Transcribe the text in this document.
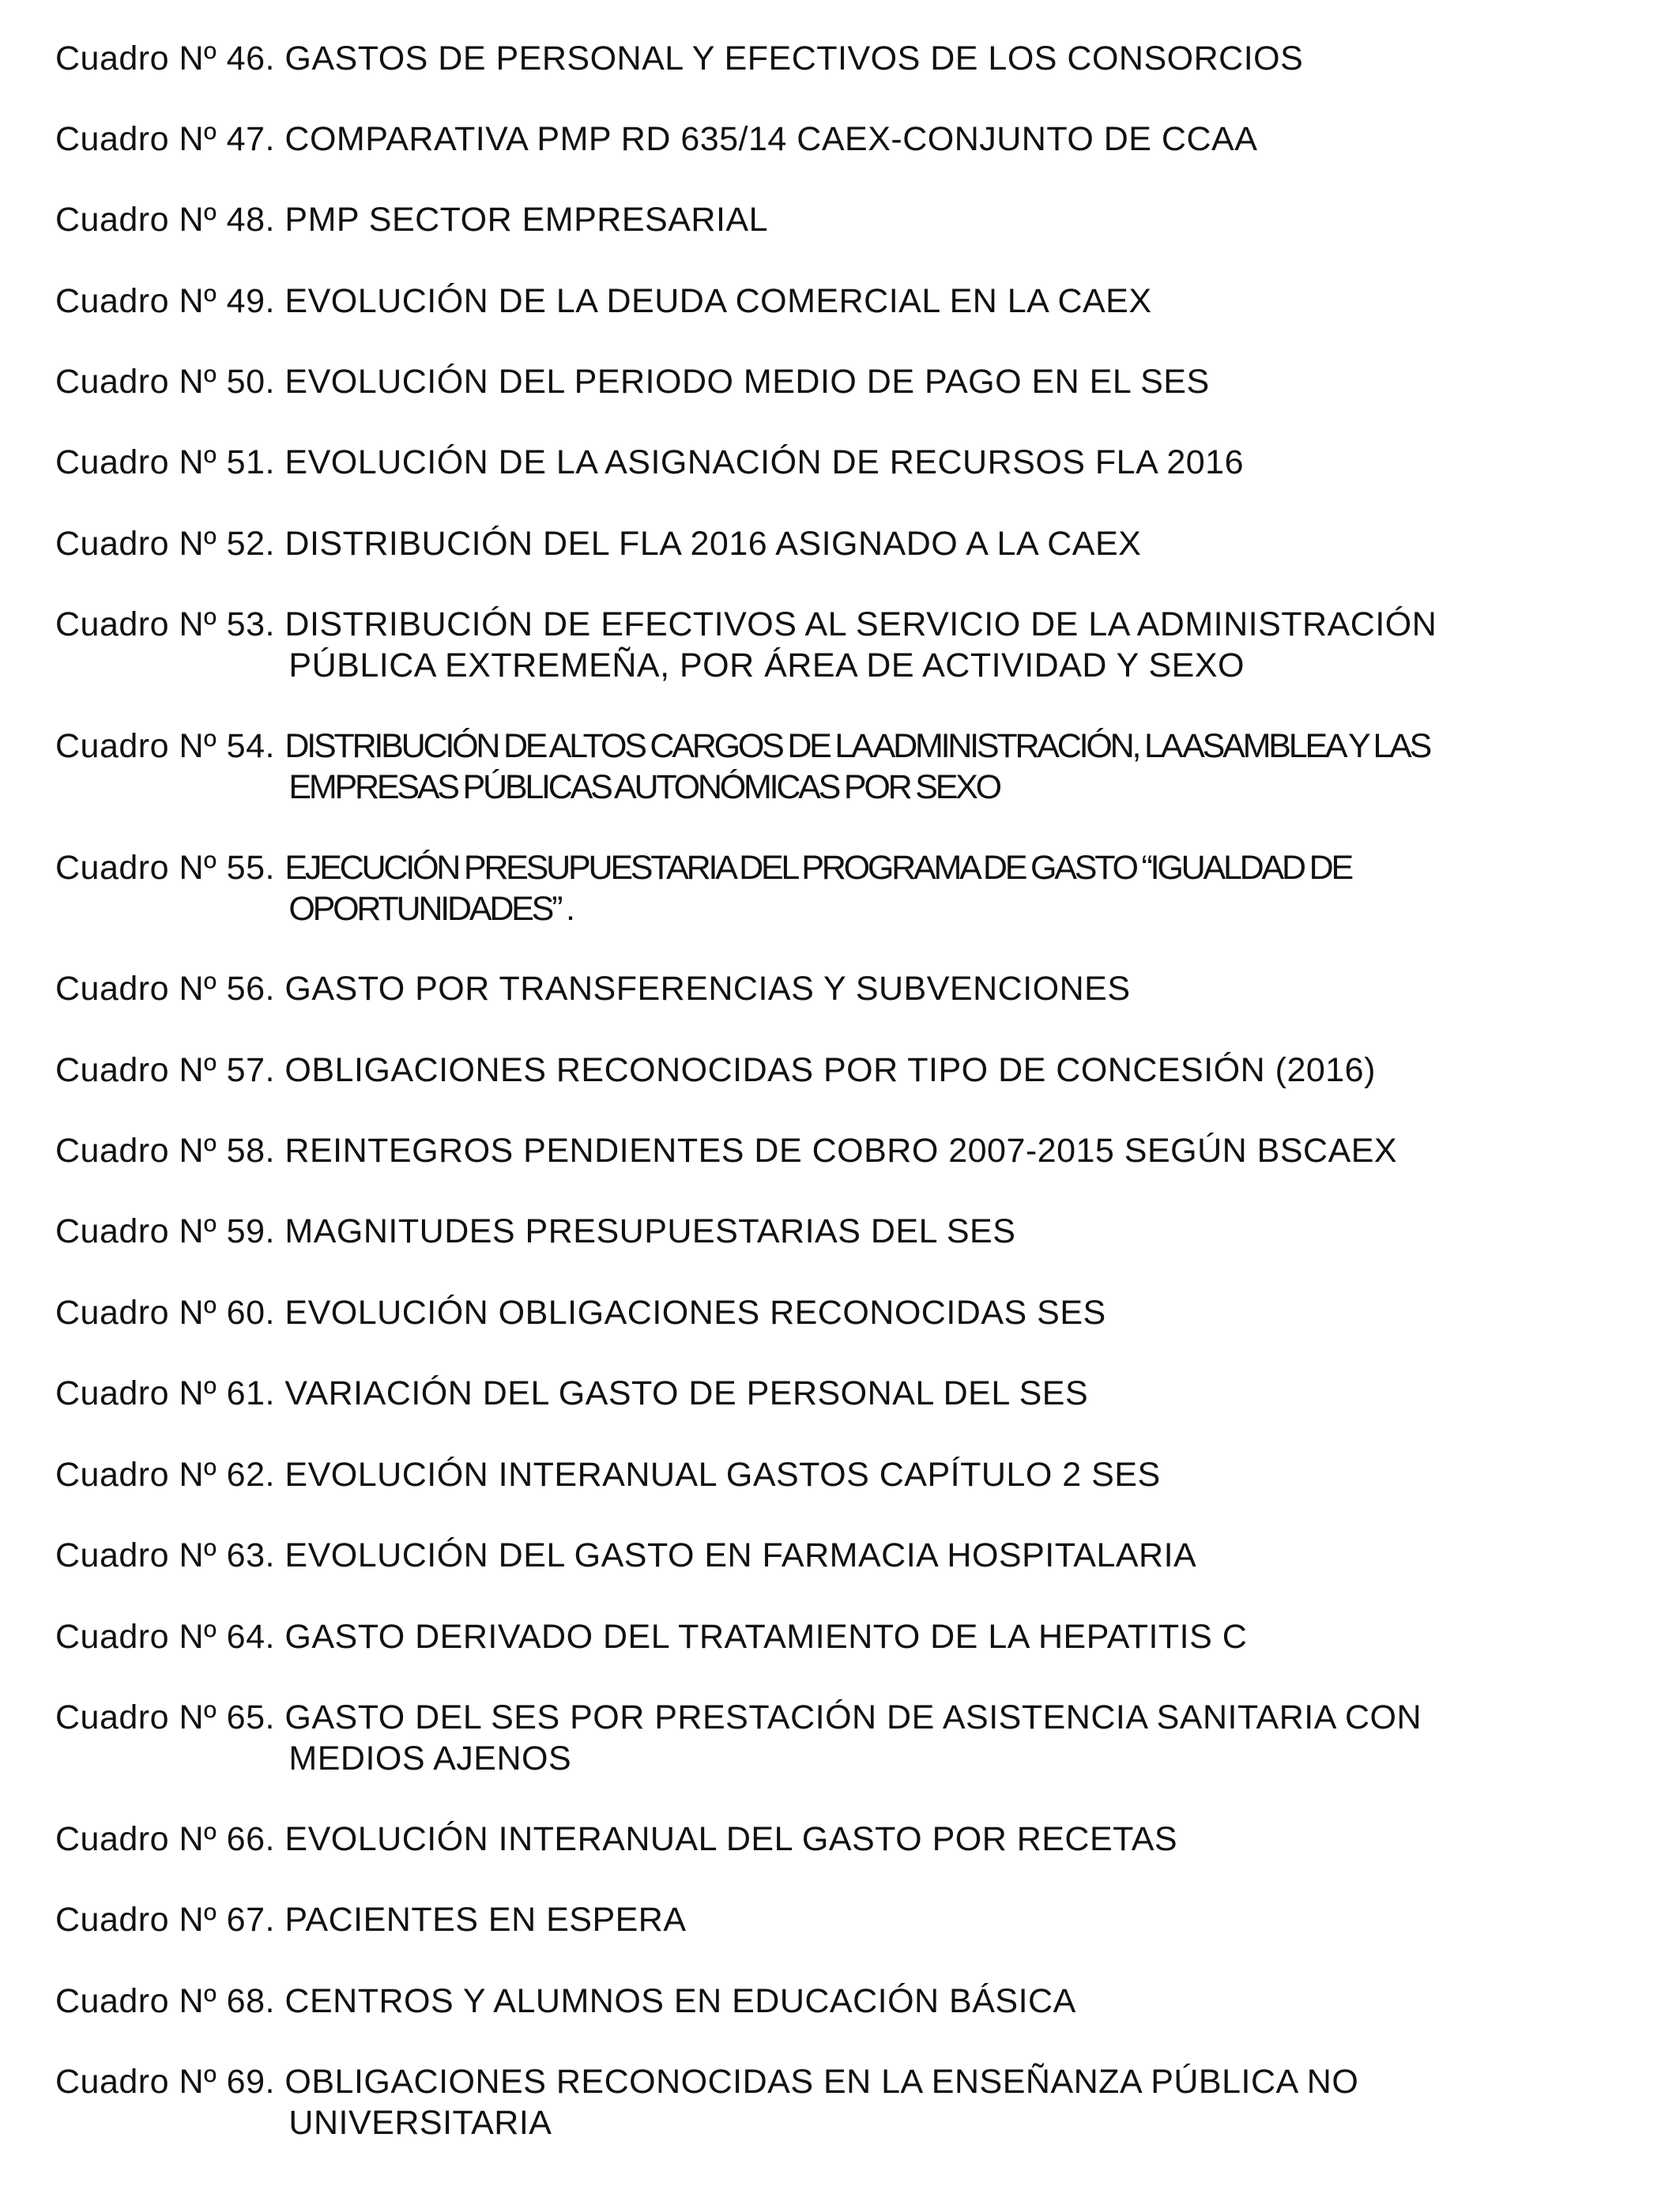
Cuadro Nº 46. GASTOS DE PERSONAL Y EFECTIVOS DE LOS CONSORCIOS
Cuadro Nº 47. COMPARATIVA PMP RD 635/14 CAEX-CONJUNTO DE CCAA
Cuadro Nº 48. PMP SECTOR EMPRESARIAL
Cuadro Nº 49. EVOLUCIÓN DE LA DEUDA COMERCIAL EN LA CAEX
Cuadro Nº 50. EVOLUCIÓN DEL PERIODO MEDIO DE PAGO EN EL SES
Cuadro Nº 51. EVOLUCIÓN DE LA ASIGNACIÓN DE RECURSOS FLA 2016
Cuadro Nº 52. DISTRIBUCIÓN DEL FLA 2016 ASIGNADO A LA CAEX
Cuadro Nº 53. DISTRIBUCIÓN DE EFECTIVOS AL SERVICIO DE LA ADMINISTRACIÓN
PÚBLICA EXTREMEÑA, POR ÁREA DE ACTIVIDAD Y SEXO
Cuadro Nº 54. DISTRIBUCIÓN DE ALTOS CARGOS DE LA ADMINISTRACIÓN, LA ASAMBLEA Y LAS
EMPRESAS PÚBLICAS AUTONÓMICAS POR SEXO
Cuadro Nº 55. EJECUCIÓN PRESUPUESTARIA DEL PROGRAMA DE GASTO “IGUALDAD DE
OPORTUNIDADES” .
Cuadro Nº 56. GASTO POR TRANSFERENCIAS Y SUBVENCIONES
Cuadro Nº 57. OBLIGACIONES RECONOCIDAS POR TIPO DE CONCESIÓN (2016)
Cuadro Nº 58. REINTEGROS PENDIENTES DE COBRO 2007-2015 SEGÚN BSCAEX
Cuadro Nº 59. MAGNITUDES PRESUPUESTARIAS DEL SES
Cuadro Nº 60. EVOLUCIÓN OBLIGACIONES RECONOCIDAS SES
Cuadro Nº 61. VARIACIÓN DEL GASTO DE PERSONAL DEL SES
Cuadro Nº 62. EVOLUCIÓN INTERANUAL GASTOS CAPÍTULO 2 SES
Cuadro Nº 63. EVOLUCIÓN DEL GASTO EN FARMACIA HOSPITALARIA
Cuadro Nº 64. GASTO DERIVADO DEL TRATAMIENTO DE LA HEPATITIS C
Cuadro Nº 65. GASTO DEL SES POR PRESTACIÓN DE ASISTENCIA SANITARIA CON
MEDIOS AJENOS
Cuadro Nº 66. EVOLUCIÓN INTERANUAL DEL GASTO POR RECETAS
Cuadro Nº 67. PACIENTES EN ESPERA
Cuadro Nº 68. CENTROS Y ALUMNOS EN EDUCACIÓN BÁSICA
Cuadro Nº 69. OBLIGACIONES RECONOCIDAS EN LA ENSEÑANZA PÚBLICA NO
UNIVERSITARIA
